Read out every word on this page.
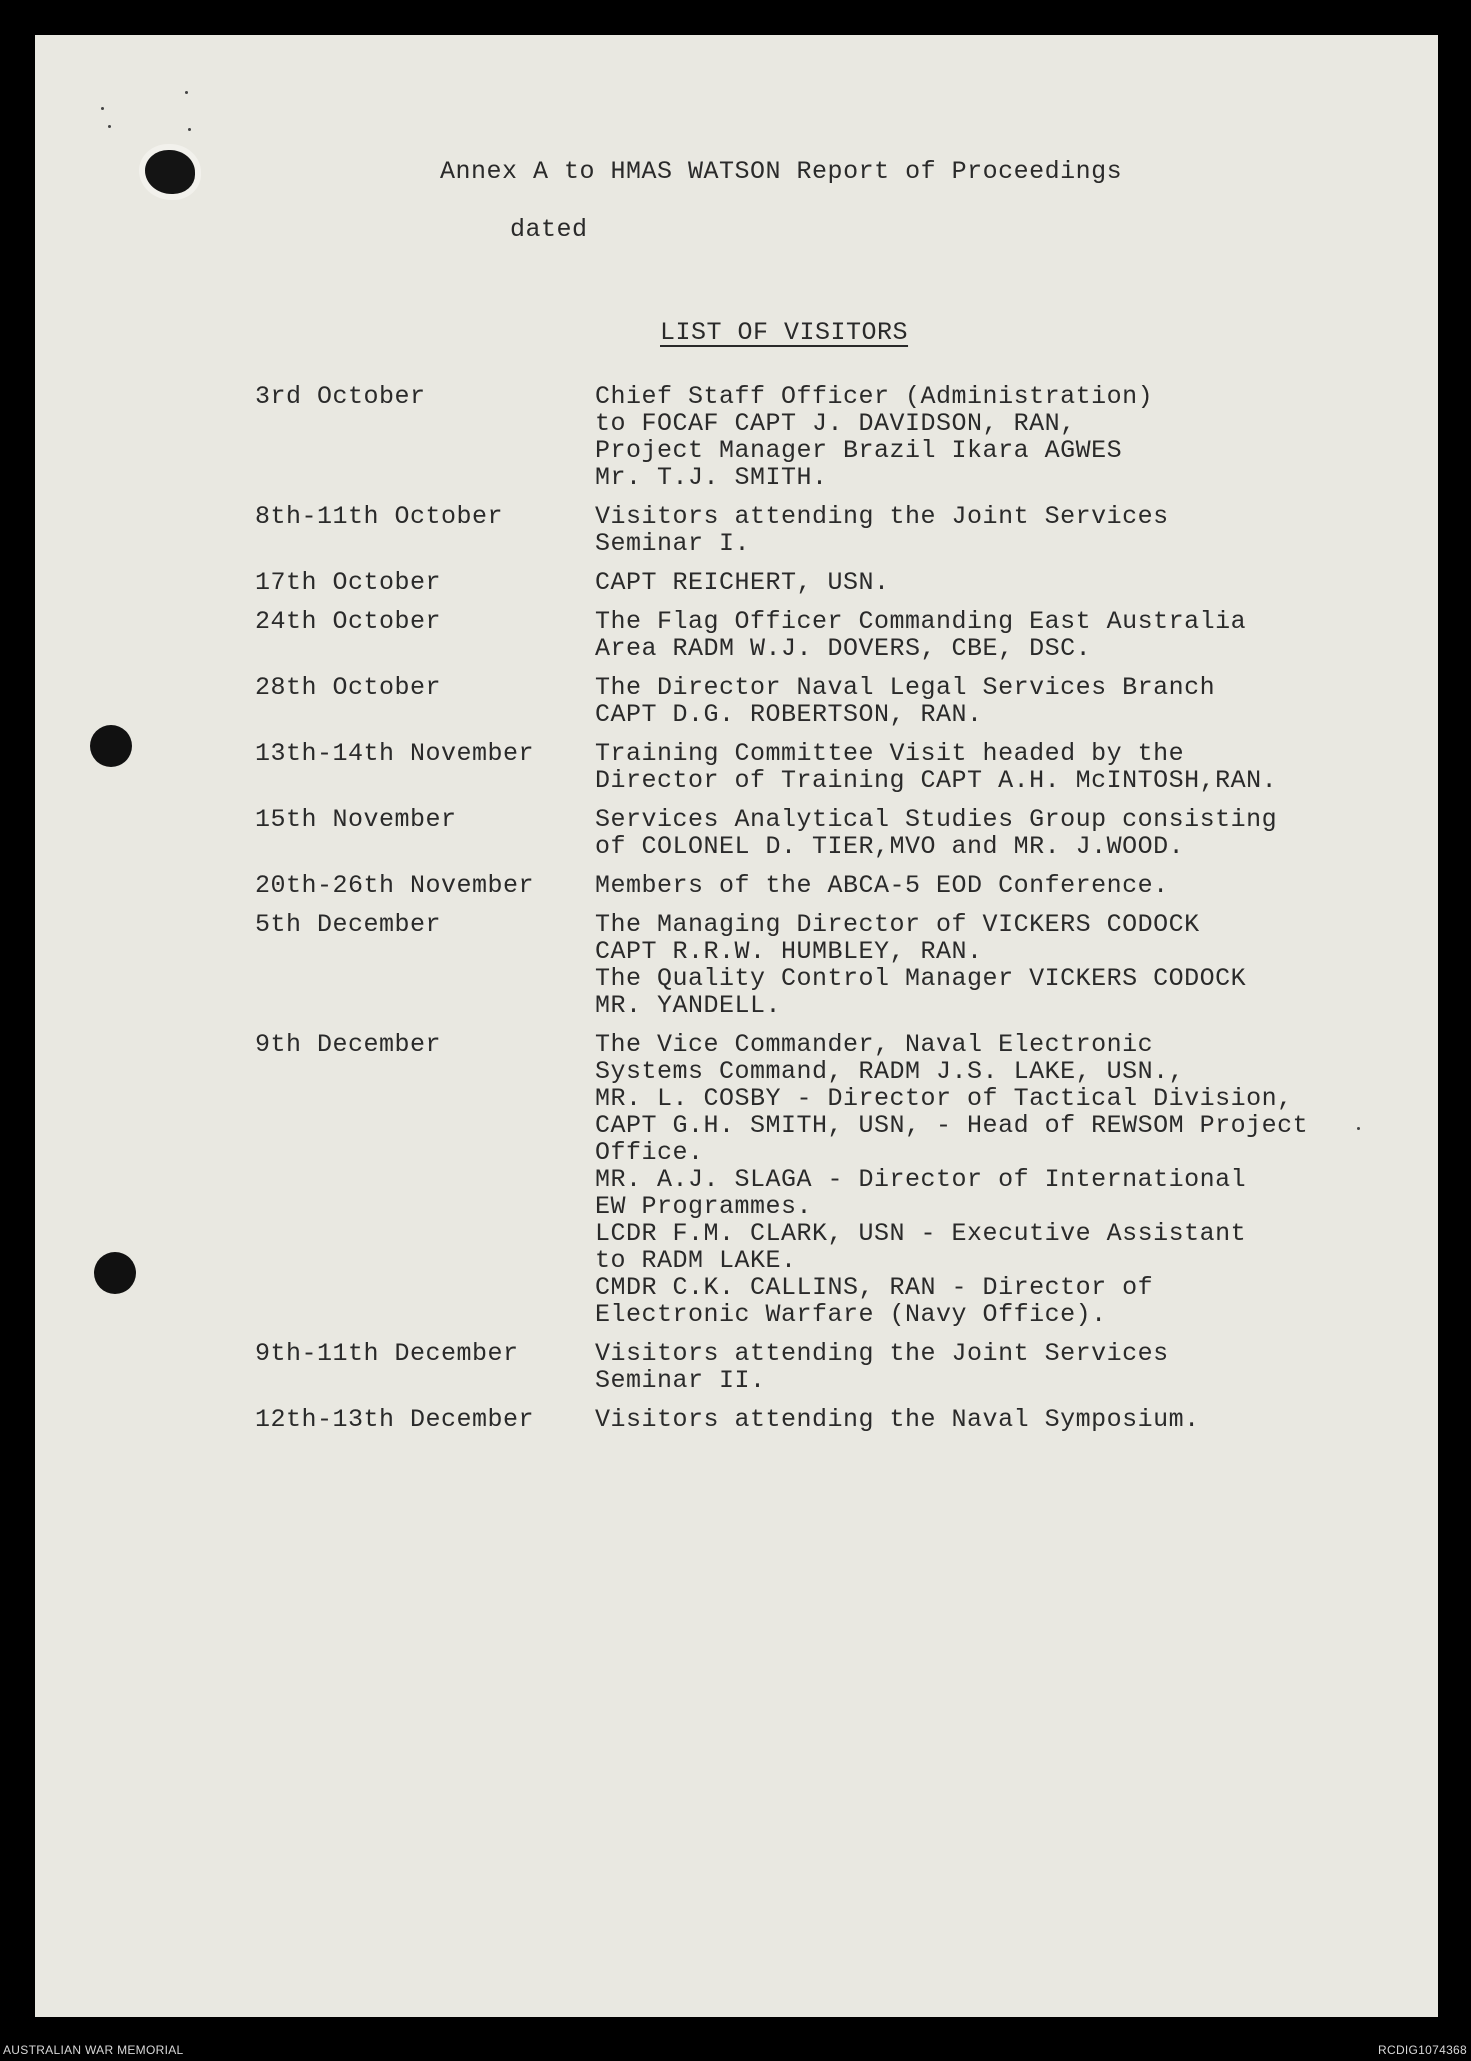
Annex A to HMAS WATSON Report of Proceedings
dated
LIST OF VISITORS
3rd October	Chief Staff Officer (Administration)
to FOCAF CAPT J. DAVIDSON, RAN,
Project Manager Brazil Ikara AGWES
Mr. T.J. SMITH.
8th-11th October	Visitors attending the Joint Services
Seminar I.
17th October	CAPT REICHERT, USN.
24th October	The Flag Officer Commanding East Australia
Area RADM W.J. DOVERS, CBE, DSC.
28th October	The Director Naval Legal Services Branch
CAPT D.G. ROBERTSON, RAN.
13th-14th November	Training Committee Visit headed by the
Director of Training CAPT A.H. McINTOSH,RAN.
15th November	Services Analytical Studies Group consisting
of COLONEL D. TIER,MVO and MR. J.WOOD.
20th-26th November	Members of the ABCA-5 EOD Conference.
5th December	The Managing Director of VICKERS CODOCK
CAPT R.R.W. HUMBLEY, RAN.
The Quality Control Manager VICKERS CODOCK
MR. YANDELL.
9th December	The Vice Commander, Naval Electronic
Systems Command, RADM J.S. LAKE, USN.,
MR. L. COSBY - Director of Tactical Division,
CAPT G.H. SMITH, USN, - Head of REWSOM Project
Office.
MR. A.J. SLAGA - Director of International
EW Programmes.
LCDR F.M. CLARK, USN - Executive Assistant
to RADM LAKE.
CMDR C.K. CALLINS, RAN - Director of
Electronic Warfare (Navy Office).
9th-11th December	Visitors attending the Joint Services
Seminar II.
12th-13th December	Visitors attending the Naval Symposium.
AUSTRALIAN WAR MEMORIAL	RCDIG1074368
